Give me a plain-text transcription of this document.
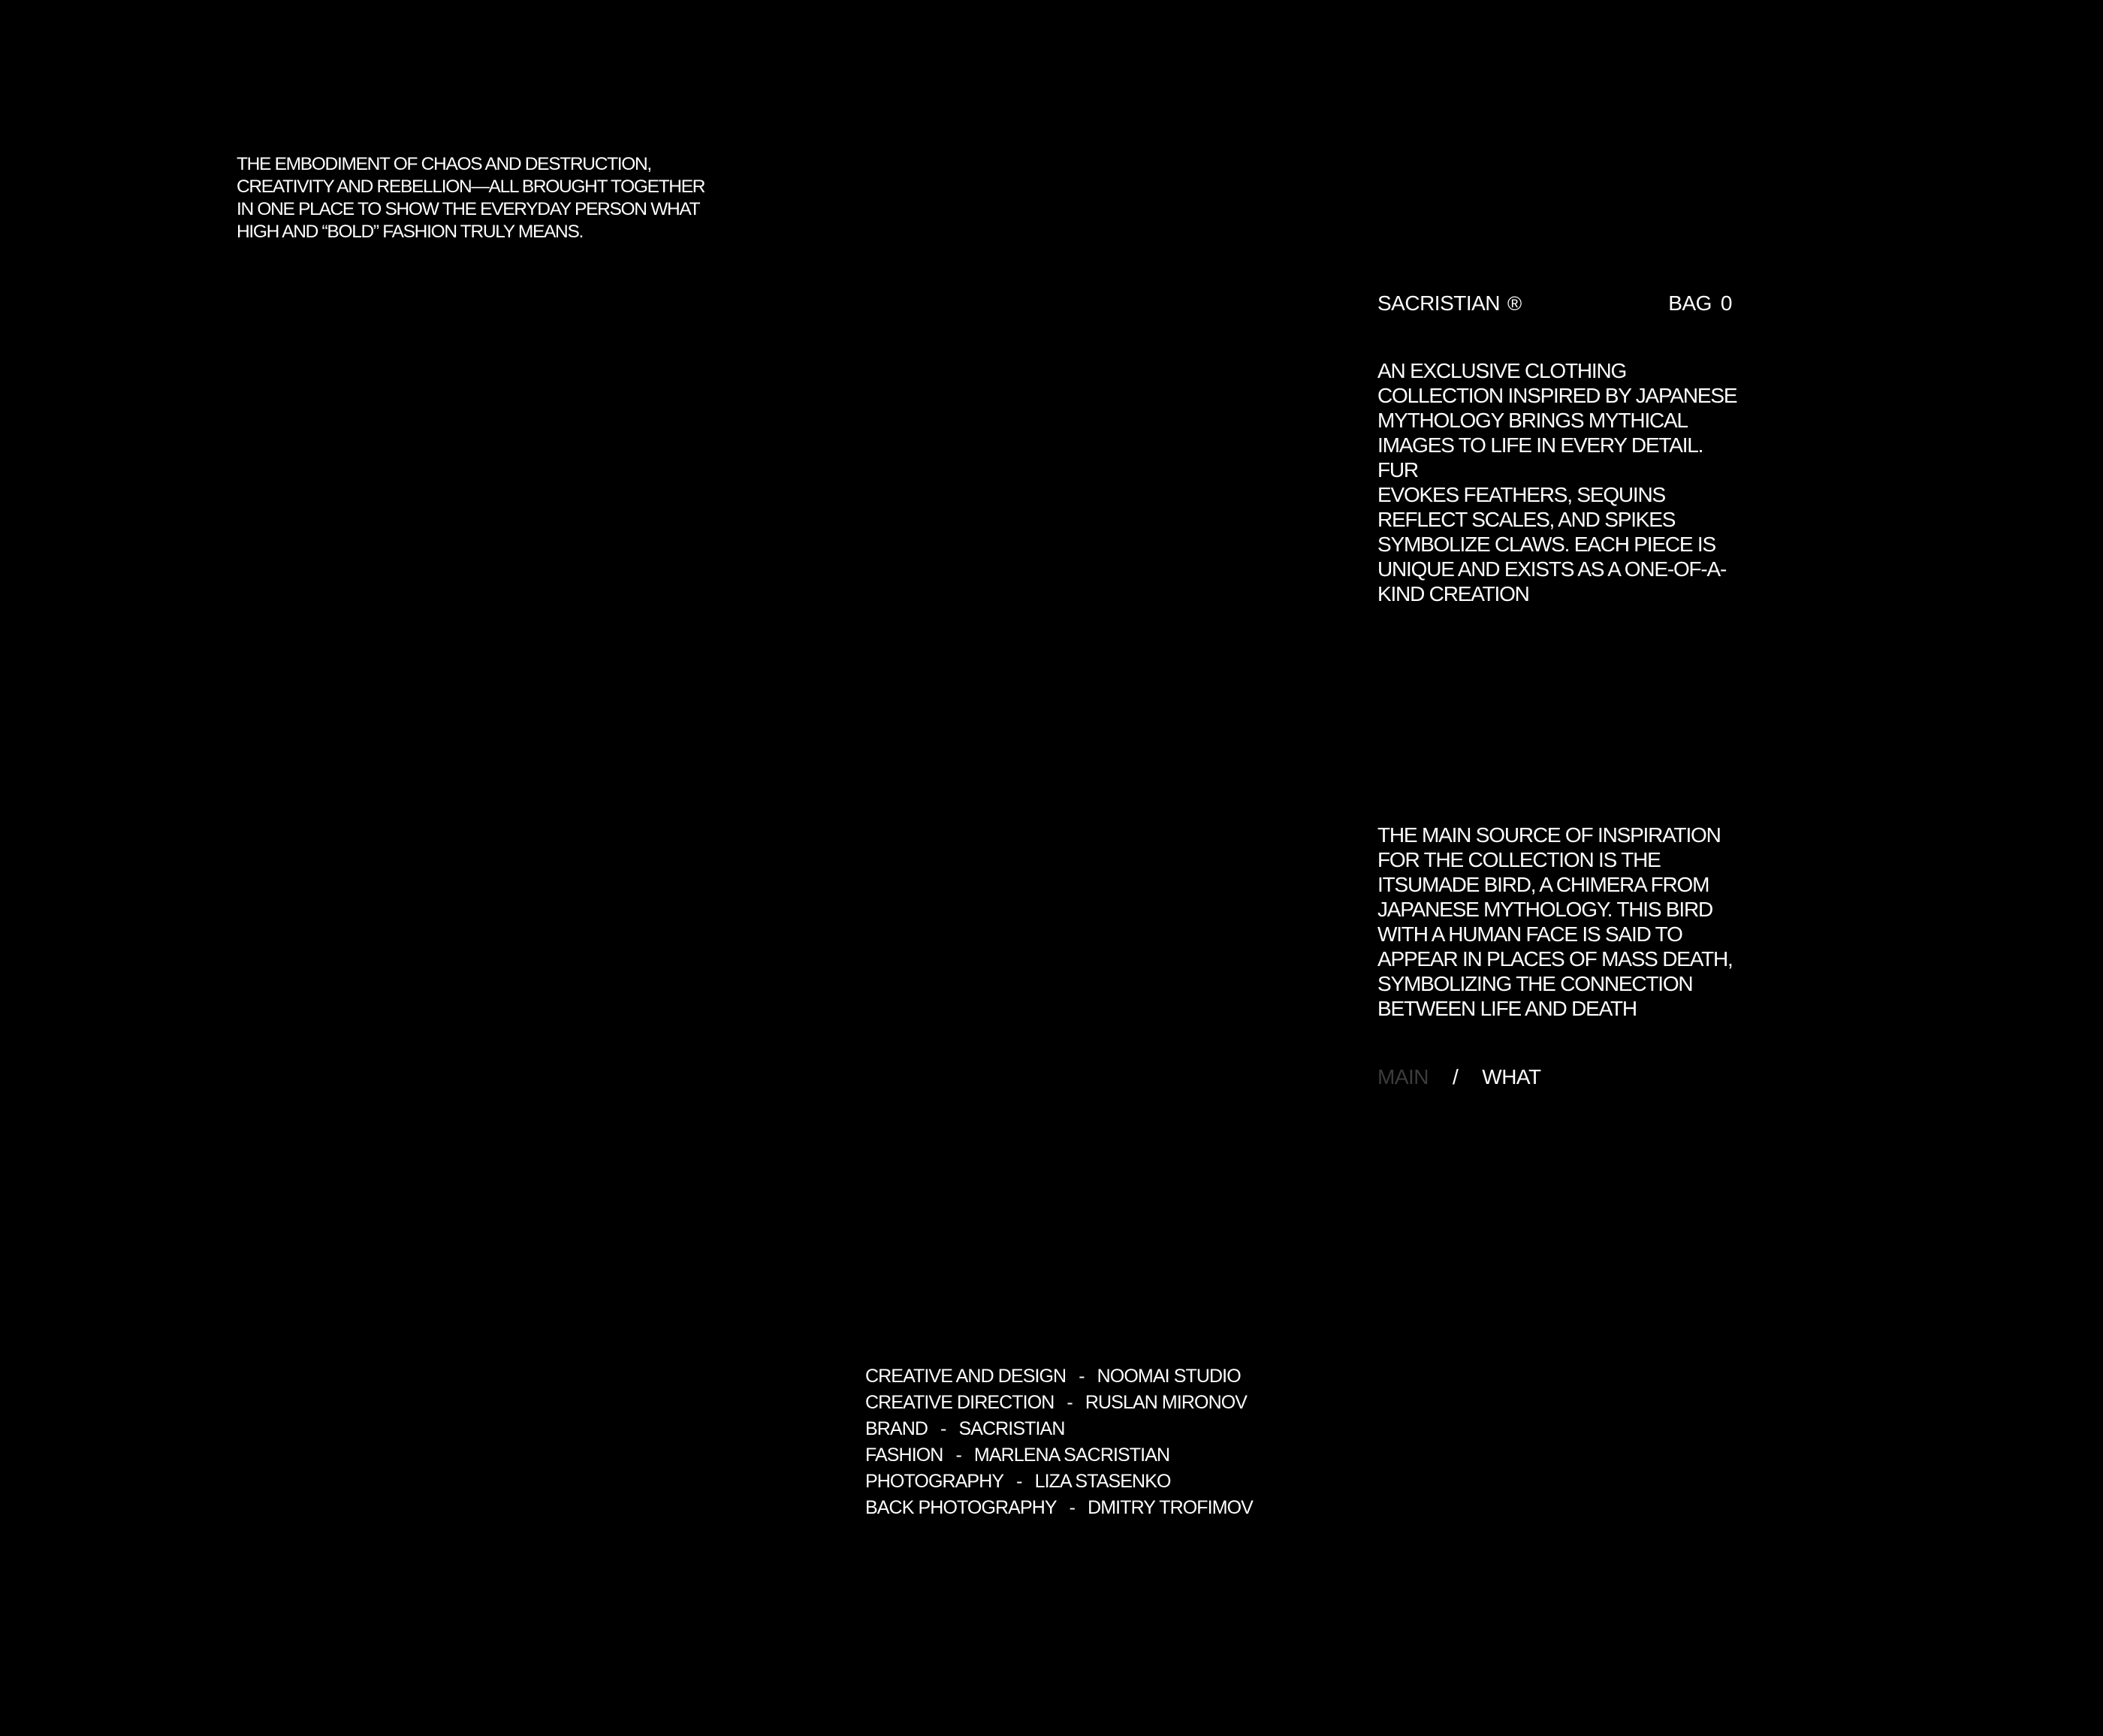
THE EMBODIMENT OF CHAOS AND DESTRUCTION,
CREATIVITY AND REBELLION—ALL BROUGHT TOGETHER
IN ONE PLACE TO SHOW THE EVERYDAY PERSON WHAT
HIGH AND “BOLD” FASHION TRULY MEANS.

SACRISTIAN ®	BAG 0

AN EXCLUSIVE CLOTHING
COLLECTION INSPIRED BY JAPANESE
MYTHOLOGY BRINGS MYTHICAL
IMAGES TO LIFE IN EVERY DETAIL. FUR
EVOKES FEATHERS, SEQUINS
REFLECT SCALES, AND SPIKES
SYMBOLIZE CLAWS. EACH PIECE IS
UNIQUE AND EXISTS AS A ONE-OF-A-
KIND CREATION

THE MAIN SOURCE OF INSPIRATION
FOR THE COLLECTION IS THE
ITSUMADE BIRD, A CHIMERA FROM
JAPANESE MYTHOLOGY. THIS BIRD
WITH A HUMAN FACE IS SAID TO
APPEAR IN PLACES OF MASS DEATH,
SYMBOLIZING THE CONNECTION
BETWEEN LIFE AND DEATH

MAIN / WHAT
CREATIVE AND DESIGN - NOOMAI STUDIO
CREATIVE DIRECTION - RUSLAN MIRONOV
BRAND - SACRISTIAN
FASHION - MARLENA SACRISTIAN
PHOTOGRAPHY - LIZA STASENKO
BACK PHOTOGRAPHY - DMITRY TROFIMOV
